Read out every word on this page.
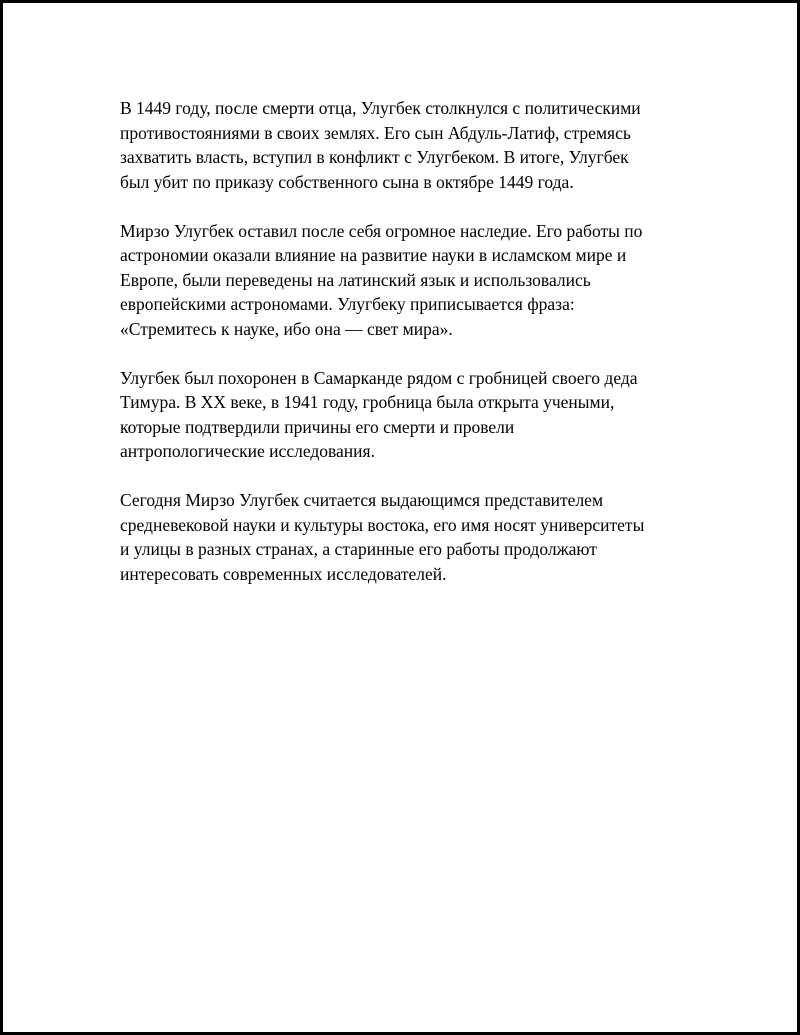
В 1449 году, после смерти отца, Улугбек столкнулся с политическими
противостояниями в своих землях. Его сын Абдуль-Латиф, стремясь
захватить власть, вступил в конфликт с Улугбеком. В итоге, Улугбек
был убит по приказу собственного сына в октябре 1449 года.

Мирзо Улугбек оставил после себя огромное наследие. Его работы по
астрономии оказали влияние на развитие науки в исламском мире и
Европе, были переведены на латинский язык и использовались
европейскими астрономами. Улугбеку приписывается фраза:
«Стремитесь к науке, ибо она — свет мира».

Улугбек был похоронен в Самарканде рядом с гробницей своего деда
Тимура. В XX веке, в 1941 году, гробница была открыта учеными,
которые подтвердили причины его смерти и провели
антропологические исследования.

Сегодня Мирзо Улугбек считается выдающимся представителем
средневековой науки и культуры востока, его имя носят университеты
и улицы в разных странах, а старинные его работы продолжают
интересовать современных исследователей.
